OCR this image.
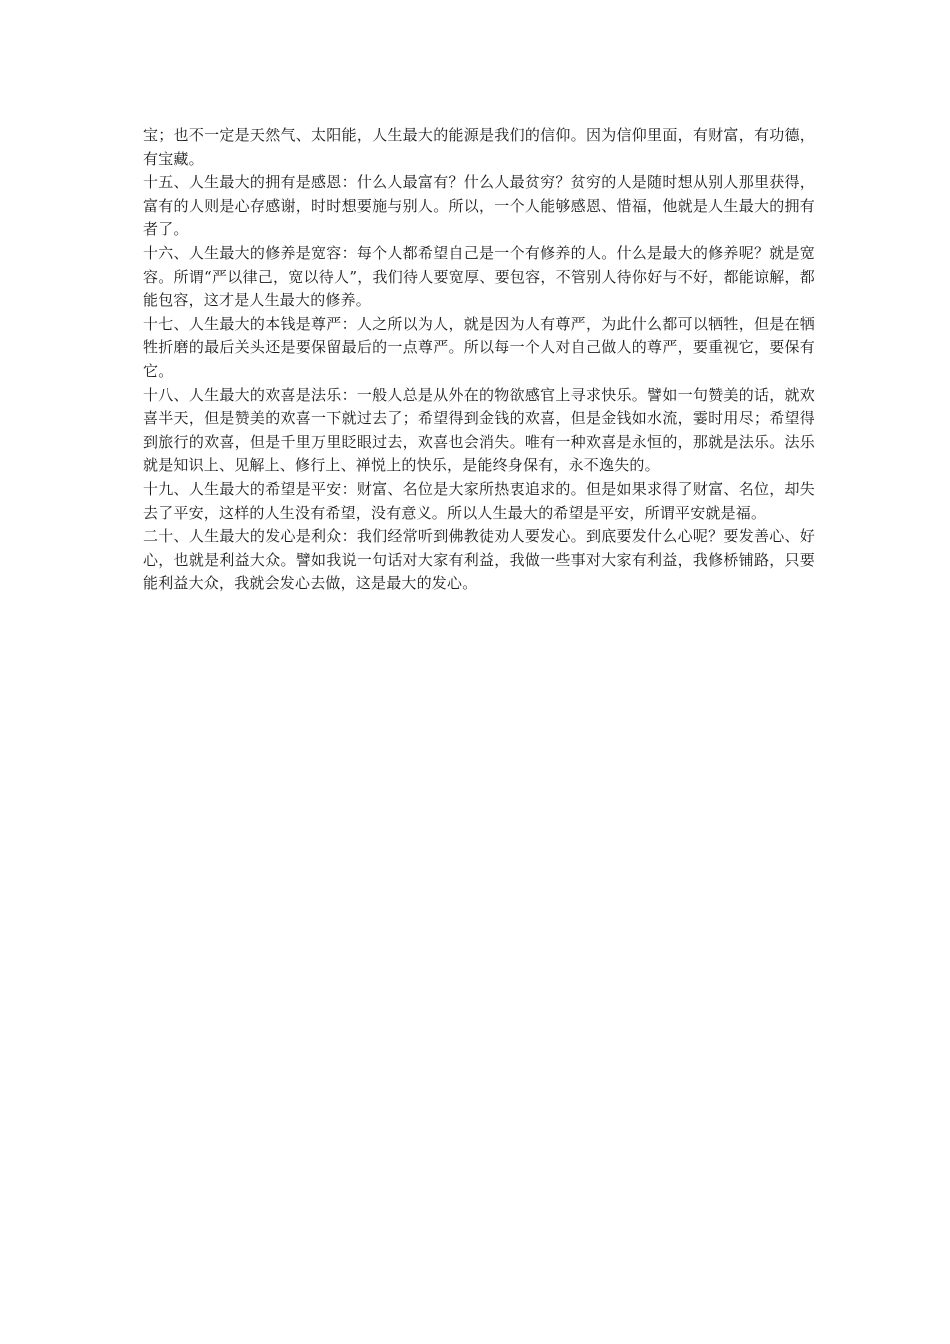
宝；也不一定是天然气、太阳能，人生最大的能源是我们的信仰。因为信仰里面，有财富，有功德，有宝藏。

十五、人生最大的拥有是感恩：什么人最富有？什么人最贫穷？贫穷的人是随时想从别人那里获得，富有的人则是心存感谢，时时想要施与别人。所以，一个人能够感恩、惜福，他就是人生最大的拥有者了。

十六、人生最大的修养是宽容：每个人都希望自己是一个有修养的人。什么是最大的修养呢？就是宽容。所谓“严以律己，宽以待人”，我们待人要宽厚、要包容，不管别人待你好与不好，都能谅解，都能包容，这才是人生最大的修养。

十七、人生最大的本钱是尊严：人之所以为人，就是因为人有尊严，为此什么都可以牺牲，但是在牺牲折磨的最后关头还是要保留最后的一点尊严。所以每一个人对自己做人的尊严，要重视它，要保有它。

十八、人生最大的欢喜是法乐：一般人总是从外在的物欲感官上寻求快乐。譬如一句赞美的话，就欢喜半天，但是赞美的欢喜一下就过去了；希望得到金钱的欢喜，但是金钱如水流，霎时用尽；希望得到旅行的欢喜，但是千里万里眨眼过去，欢喜也会消失。唯有一种欢喜是永恒的，那就是法乐。法乐就是知识上、见解上、修行上、禅悦上的快乐，是能终身保有，永不逸失的。

十九、人生最大的希望是平安：财富、名位是大家所热衷追求的。但是如果求得了财富、名位，却失去了平安，这样的人生没有希望，没有意义。所以人生最大的希望是平安，所谓平安就是福。

二十、人生最大的发心是利众：我们经常听到佛教徒劝人要发心。到底要发什么心呢？要发善心、好心，也就是利益大众。譬如我说一句话对大家有利益，我做一些事对大家有利益，我修桥铺路，只要能利益大众，我就会发心去做，这是最大的发心。
